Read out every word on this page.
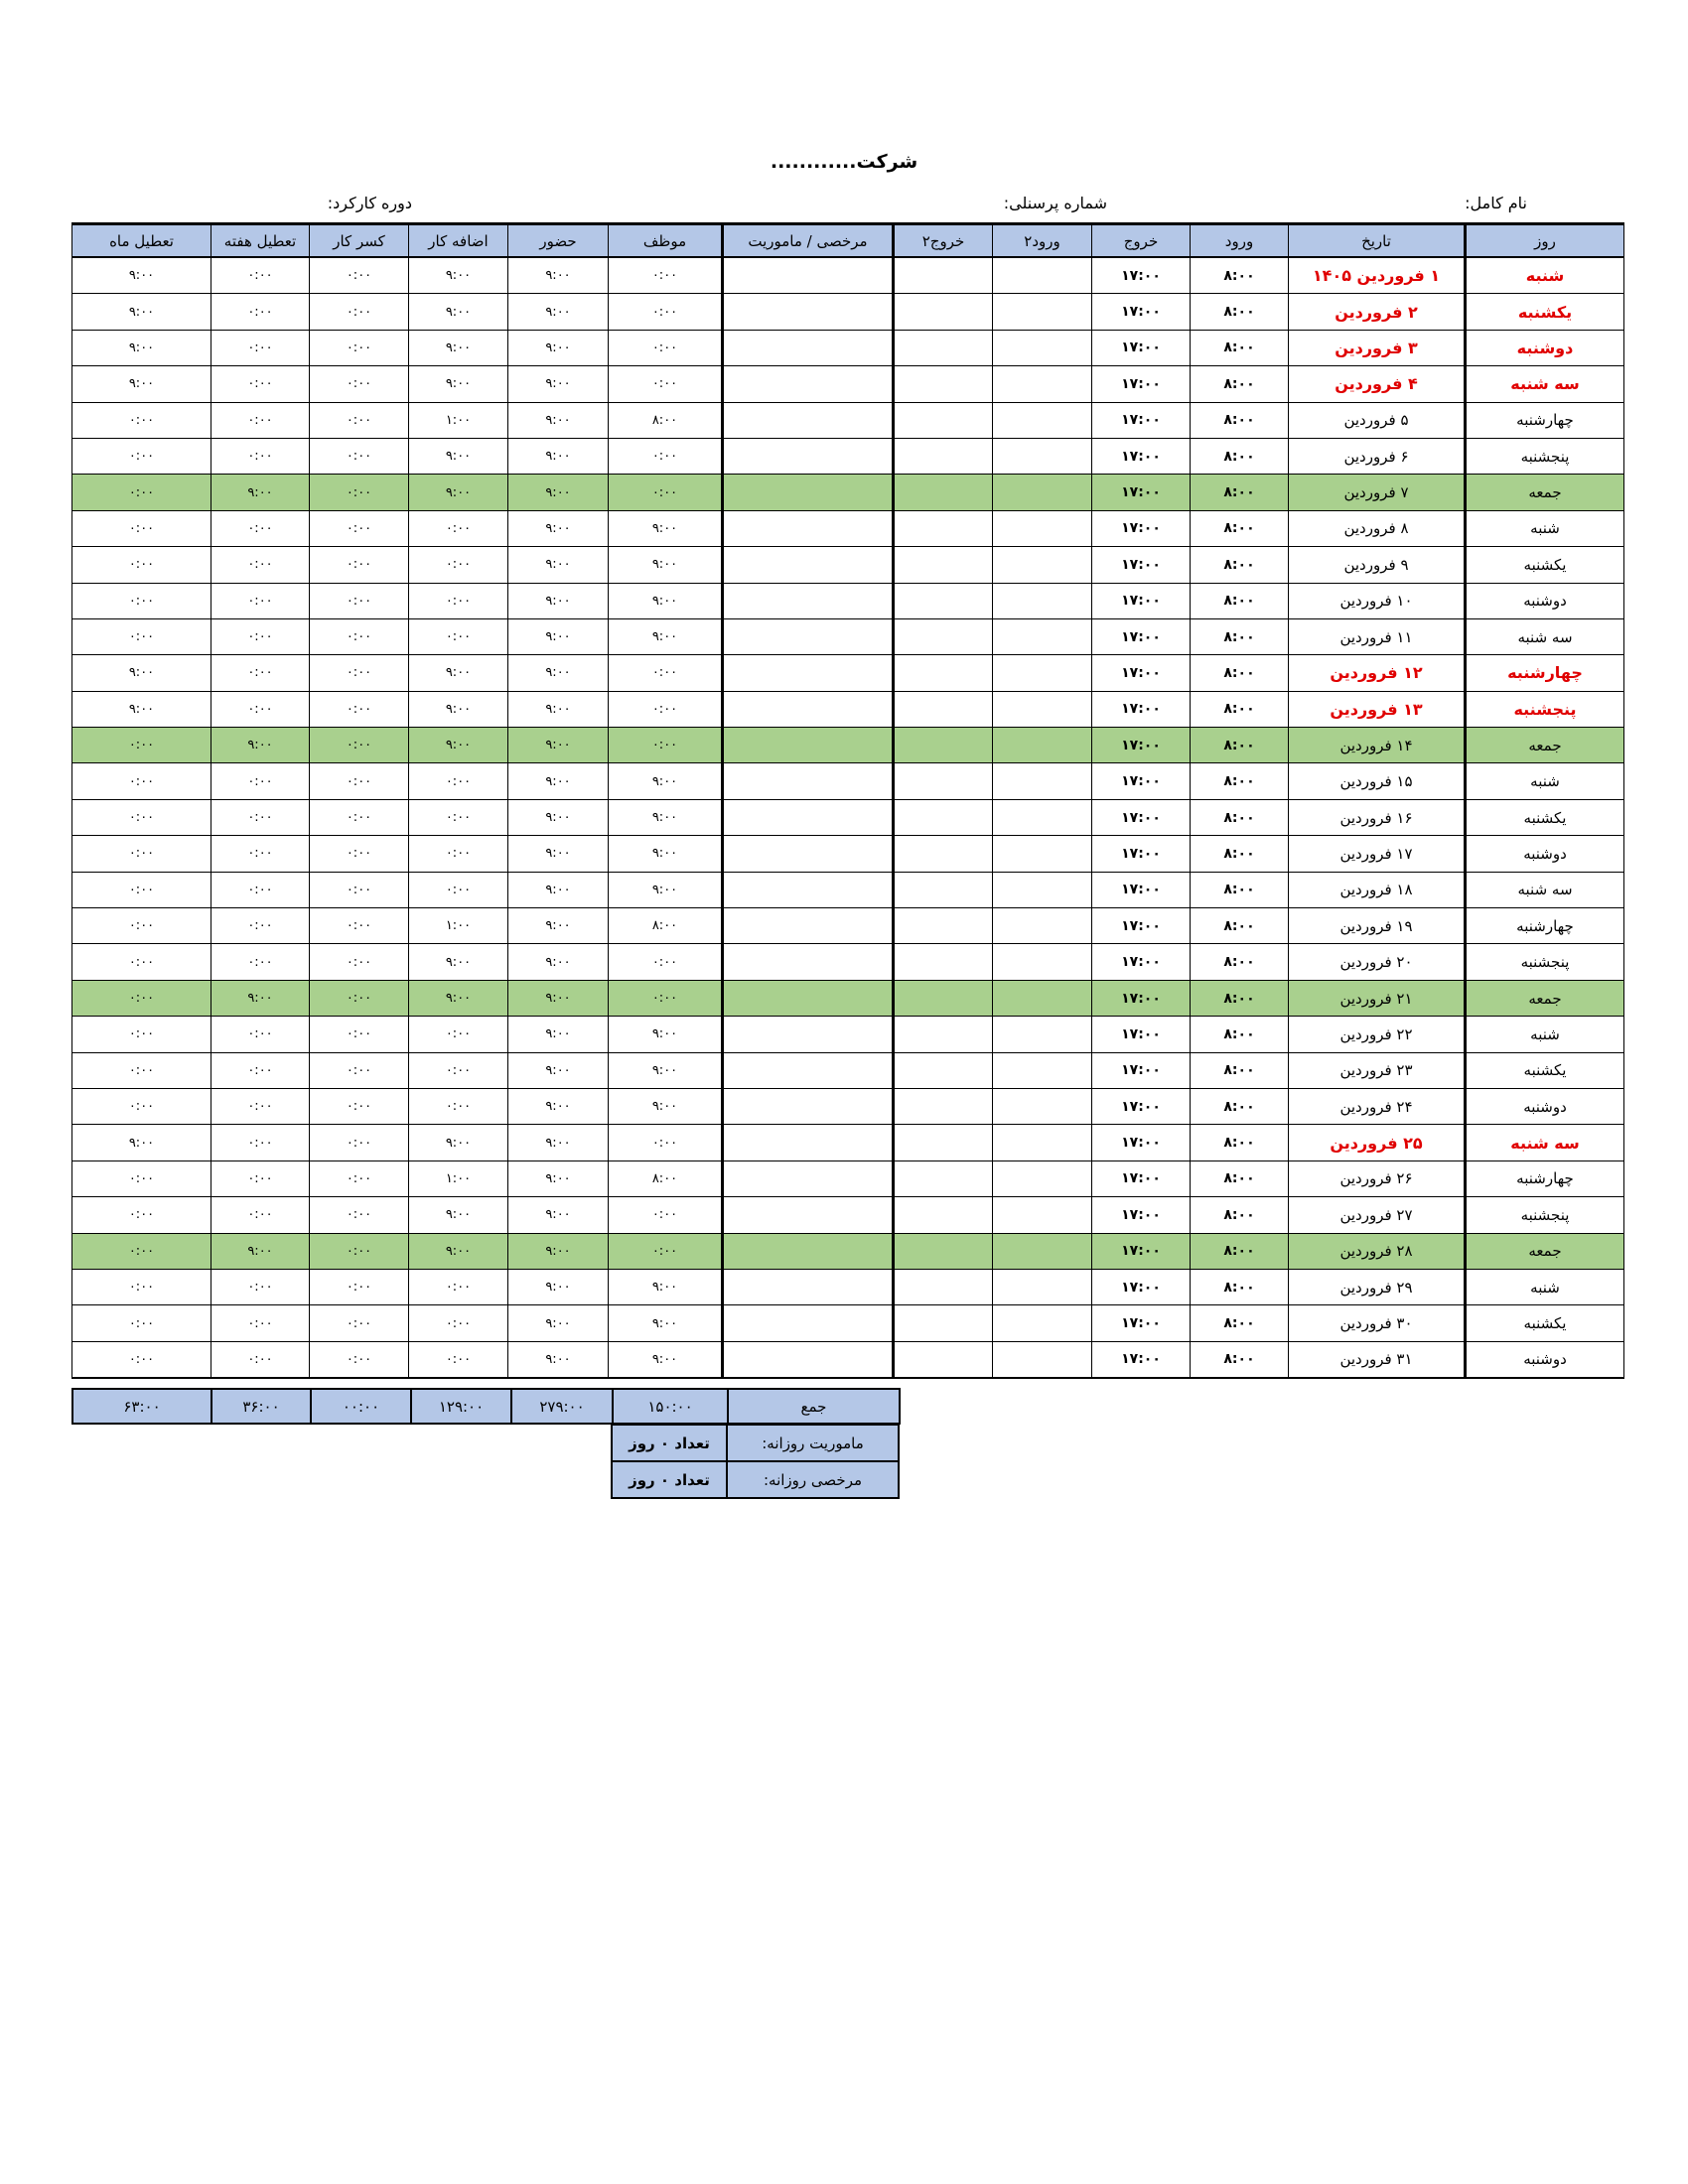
شرکت............
نام کامل:
شماره پرسنلی:
دوره کارکرد:
روز	تاریخ	ورود	خروج	ورود۲	خروج۲	مرخصی / ماموریت	موظف	حضور	اضافه کار	کسر کار	تعطیل هفته	تعطیل ماه
شنبه	۱ فروردین ۱۴۰۵	۸:۰۰	۱۷:۰۰				۰:۰۰	۹:۰۰	۹:۰۰	۰:۰۰	۰:۰۰	۹:۰۰
یکشنبه	۲ فروردین	۸:۰۰	۱۷:۰۰				۰:۰۰	۹:۰۰	۹:۰۰	۰:۰۰	۰:۰۰	۹:۰۰
دوشنبه	۳ فروردین	۸:۰۰	۱۷:۰۰				۰:۰۰	۹:۰۰	۹:۰۰	۰:۰۰	۰:۰۰	۹:۰۰
سه شنبه	۴ فروردین	۸:۰۰	۱۷:۰۰				۰:۰۰	۹:۰۰	۹:۰۰	۰:۰۰	۰:۰۰	۹:۰۰
چهارشنبه	۵ فروردین	۸:۰۰	۱۷:۰۰				۸:۰۰	۹:۰۰	۱:۰۰	۰:۰۰	۰:۰۰	۰:۰۰
پنجشنبه	۶ فروردین	۸:۰۰	۱۷:۰۰				۰:۰۰	۹:۰۰	۹:۰۰	۰:۰۰	۰:۰۰	۰:۰۰
جمعه	۷ فروردین	۸:۰۰	۱۷:۰۰				۰:۰۰	۹:۰۰	۹:۰۰	۰:۰۰	۹:۰۰	۰:۰۰
شنبه	۸ فروردین	۸:۰۰	۱۷:۰۰				۹:۰۰	۹:۰۰	۰:۰۰	۰:۰۰	۰:۰۰	۰:۰۰
یکشنبه	۹ فروردین	۸:۰۰	۱۷:۰۰				۹:۰۰	۹:۰۰	۰:۰۰	۰:۰۰	۰:۰۰	۰:۰۰
دوشنبه	۱۰ فروردین	۸:۰۰	۱۷:۰۰				۹:۰۰	۹:۰۰	۰:۰۰	۰:۰۰	۰:۰۰	۰:۰۰
سه شنبه	۱۱ فروردین	۸:۰۰	۱۷:۰۰				۹:۰۰	۹:۰۰	۰:۰۰	۰:۰۰	۰:۰۰	۰:۰۰
چهارشنبه	۱۲ فروردین	۸:۰۰	۱۷:۰۰				۰:۰۰	۹:۰۰	۹:۰۰	۰:۰۰	۰:۰۰	۹:۰۰
پنجشنبه	۱۳ فروردین	۸:۰۰	۱۷:۰۰				۰:۰۰	۹:۰۰	۹:۰۰	۰:۰۰	۰:۰۰	۹:۰۰
جمعه	۱۴ فروردین	۸:۰۰	۱۷:۰۰				۰:۰۰	۹:۰۰	۹:۰۰	۰:۰۰	۹:۰۰	۰:۰۰
شنبه	۱۵ فروردین	۸:۰۰	۱۷:۰۰				۹:۰۰	۹:۰۰	۰:۰۰	۰:۰۰	۰:۰۰	۰:۰۰
یکشنبه	۱۶ فروردین	۸:۰۰	۱۷:۰۰				۹:۰۰	۹:۰۰	۰:۰۰	۰:۰۰	۰:۰۰	۰:۰۰
دوشنبه	۱۷ فروردین	۸:۰۰	۱۷:۰۰				۹:۰۰	۹:۰۰	۰:۰۰	۰:۰۰	۰:۰۰	۰:۰۰
سه شنبه	۱۸ فروردین	۸:۰۰	۱۷:۰۰				۹:۰۰	۹:۰۰	۰:۰۰	۰:۰۰	۰:۰۰	۰:۰۰
چهارشنبه	۱۹ فروردین	۸:۰۰	۱۷:۰۰				۸:۰۰	۹:۰۰	۱:۰۰	۰:۰۰	۰:۰۰	۰:۰۰
پنجشنبه	۲۰ فروردین	۸:۰۰	۱۷:۰۰				۰:۰۰	۹:۰۰	۹:۰۰	۰:۰۰	۰:۰۰	۰:۰۰
جمعه	۲۱ فروردین	۸:۰۰	۱۷:۰۰				۰:۰۰	۹:۰۰	۹:۰۰	۰:۰۰	۹:۰۰	۰:۰۰
شنبه	۲۲ فروردین	۸:۰۰	۱۷:۰۰				۹:۰۰	۹:۰۰	۰:۰۰	۰:۰۰	۰:۰۰	۰:۰۰
یکشنبه	۲۳ فروردین	۸:۰۰	۱۷:۰۰				۹:۰۰	۹:۰۰	۰:۰۰	۰:۰۰	۰:۰۰	۰:۰۰
دوشنبه	۲۴ فروردین	۸:۰۰	۱۷:۰۰				۹:۰۰	۹:۰۰	۰:۰۰	۰:۰۰	۰:۰۰	۰:۰۰
سه شنبه	۲۵ فروردین	۸:۰۰	۱۷:۰۰				۰:۰۰	۹:۰۰	۹:۰۰	۰:۰۰	۰:۰۰	۹:۰۰
چهارشنبه	۲۶ فروردین	۸:۰۰	۱۷:۰۰				۸:۰۰	۹:۰۰	۱:۰۰	۰:۰۰	۰:۰۰	۰:۰۰
پنجشنبه	۲۷ فروردین	۸:۰۰	۱۷:۰۰				۰:۰۰	۹:۰۰	۹:۰۰	۰:۰۰	۰:۰۰	۰:۰۰
جمعه	۲۸ فروردین	۸:۰۰	۱۷:۰۰				۰:۰۰	۹:۰۰	۹:۰۰	۰:۰۰	۹:۰۰	۰:۰۰
شنبه	۲۹ فروردین	۸:۰۰	۱۷:۰۰				۹:۰۰	۹:۰۰	۰:۰۰	۰:۰۰	۰:۰۰	۰:۰۰
یکشنبه	۳۰ فروردین	۸:۰۰	۱۷:۰۰				۹:۰۰	۹:۰۰	۰:۰۰	۰:۰۰	۰:۰۰	۰:۰۰
دوشنبه	۳۱ فروردین	۸:۰۰	۱۷:۰۰				۹:۰۰	۹:۰۰	۰:۰۰	۰:۰۰	۰:۰۰	۰:۰۰
جمع	۱۵۰:۰۰	۲۷۹:۰۰	۱۲۹:۰۰	۰۰:۰۰	۳۶:۰۰	۶۳:۰۰
ماموریت روزانه:	تعداد ۰ روز
مرخصی روزانه:	تعداد ۰ روز
